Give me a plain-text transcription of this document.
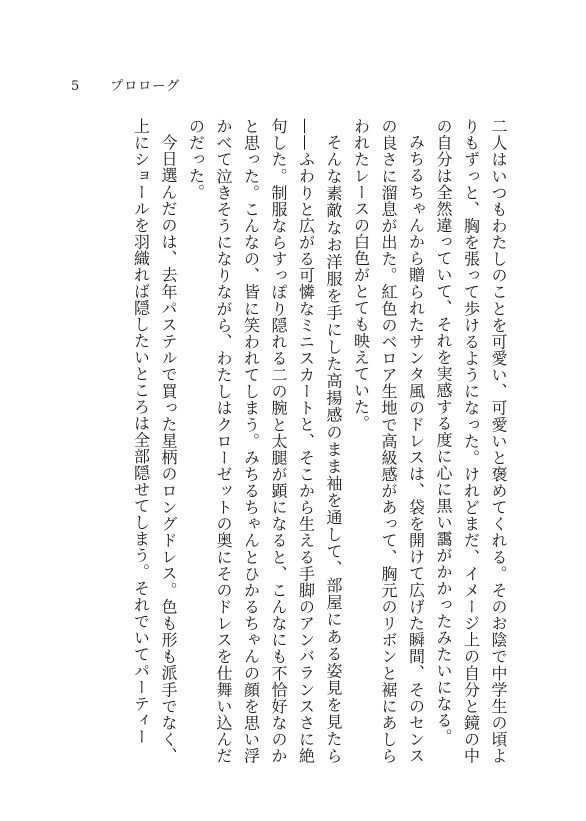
5 プロローグ

二人はいつもわたしのことを可愛い、可愛いと褒めてくれる。そのお陰で中学生の頃よりもずっと、胸を張って歩けるようになった。けれどまだ、イメージ上の自分と鏡の中の自分は全然違っていて、それを実感する度に心に黒い靄がかかったみたいになる。

みちるちゃんから贈られたサンタ風のドレスは、袋を開けて広げた瞬間、そのセンスの良さに溜息が出た。紅色のベロア生地で高級感があって、胸元のリボンと裾にあしらわれたレースの白色がとても映えていた。

そんな素敵なお洋服を手にした高揚感のまま袖を通して、部屋にある姿見を見たら——ふわりと広がる可憐なミニスカートと、そこから生える手脚のアンバランスさに絶句した。制服ならすっぽり隠れる二の腕と太腿が顕になると、こんなにも不恰好なのかと思った。こんなの、皆に笑われてしまう。みちるちゃんとひかるちゃんの顔を思い浮かべて泣きそうになりながら、わたしはクローゼットの奥にそのドレスを仕舞い込んだのだった。

今日選んだのは、去年パステルで買った星柄のロングドレス。色も形も派手でなく、上にショールを羽織れば隠したいところは全部隠せてしまう。それでいてパーティー
